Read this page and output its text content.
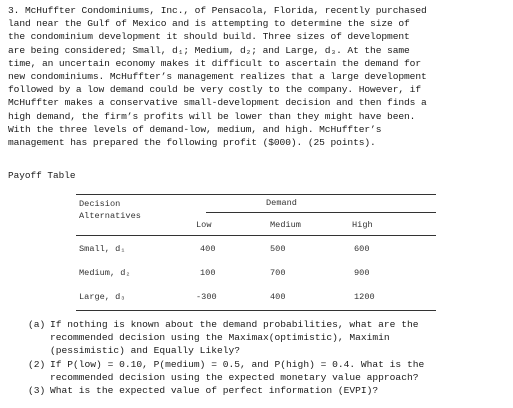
3. McHuffter Condominiums, Inc., of Pensacola, Florida, recently purchased

land near the Gulf of Mexico and is attempting to determine the size of

the condominium development it should build. Three sizes of development

are being considered; Small, d₁; Medium, d₂; and Large, d₃. At the same

time, an uncertain economy makes it difficult to ascertain the demand for

new condominiums. McHuffter’s management realizes that a large development

followed by a low demand could be very costly to the company. However, if

McHuffter makes a conservative small-development decision and then finds a

high demand, the firm’s profits will be lower than they might have been.

With the three levels of demand-low, medium, and high. McHuffter’s

management has prepared the following profit ($000). (25 points).

Payoff Table
Decision Alternatives
Demand
Low	Medium	High
Small, d₁	400	500	600
Medium, d₂	100	700	900
Large, d₃	-300	400	1200
(a) If nothing is known about the demand probabilities, what are the
recommended decision using the Maximax(optimistic), Maximin
(pessimistic) and Equally Likely?
(2) If P(low) = 0.10, P(medium) = 0.5, and P(high) = 0.4. What is the
recommended decision using the expected monetary value approach?
(3) What is the expected value of perfect information (EVPI)?
